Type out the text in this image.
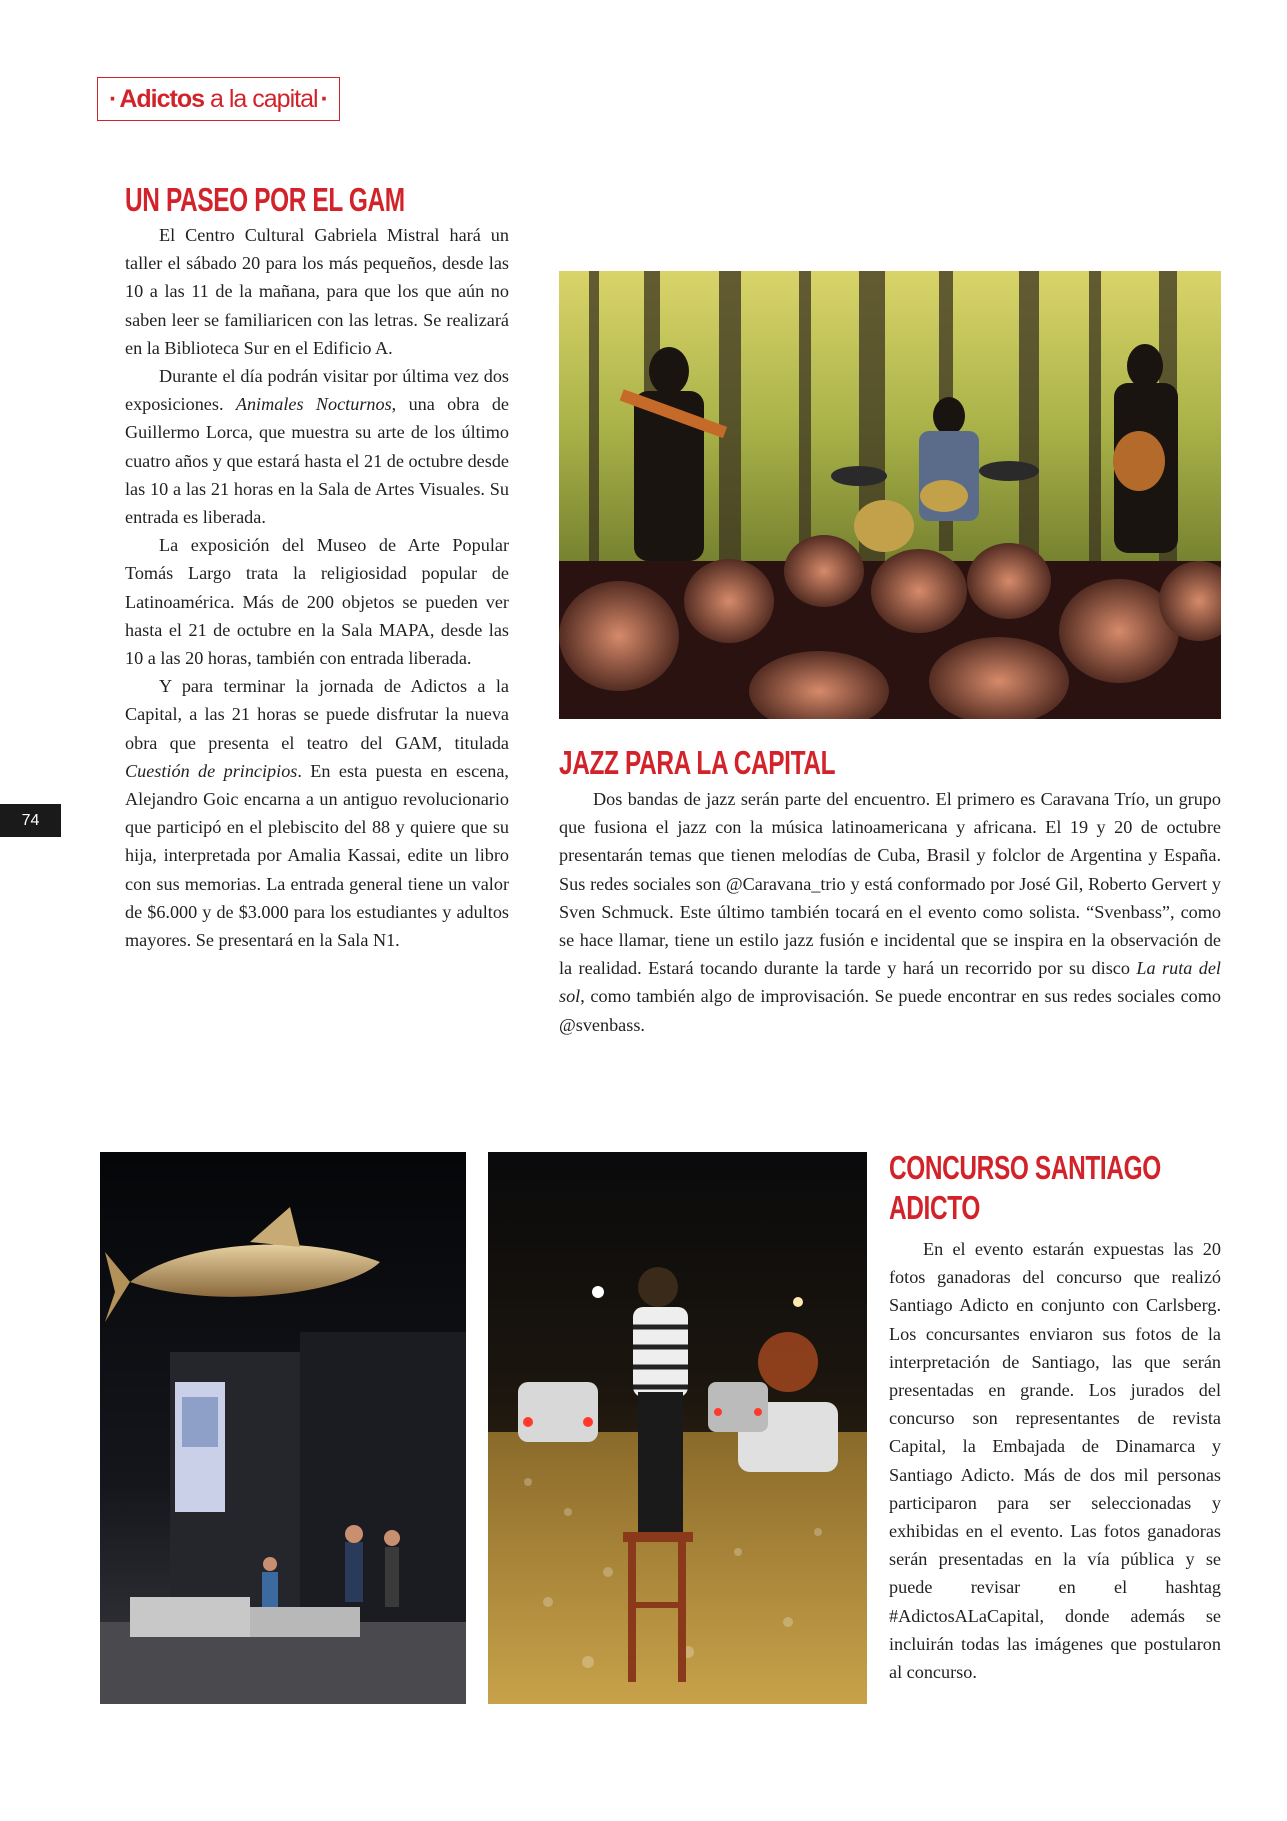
· Adictos a la capital ·
74
UN PASEO POR EL GAM

El Centro Cultural Gabriela Mistral hará un taller el sábado 20 para los más pequeños, desde las 10 a las 11 de la mañana, para que los que aún no saben leer se familiaricen con las letras. Se realizará en la Biblioteca Sur en el Edificio A.

Durante el día podrán visitar por última vez dos exposiciones. Animales Nocturnos, una obra de Guillermo Lorca, que muestra su arte de los último cuatro años y que estará hasta el 21 de octubre desde las 10 a las 21 horas en la Sala de Artes Visuales. Su entrada es liberada.

La exposición del Museo de Arte Popular Tomás Largo trata la religiosidad popular de Latinoamérica. Más de 200 objetos se pueden ver hasta el 21 de octubre en la Sala MAPA, desde las 10 a las 20 horas, también con entrada liberada.

Y para terminar la jornada de Adictos a la Capital, a las 21 horas se puede disfrutar la nueva obra que presenta el teatro del GAM, titulada Cuestión de principios. En esta puesta en escena, Alejandro Goic encarna a un antiguo revolucionario que participó en el plebiscito del 88 y quiere que su hija, interpretada por Amalia Kassai, edite un libro con sus memorias. La entrada general tiene un valor de $6.000 y de $3.000 para los estudiantes y adultos mayores. Se presentará en la Sala N1.

JAZZ PARA LA CAPITAL

Dos bandas de jazz serán parte del encuentro. El primero es Caravana Trío, un grupo que fusiona el jazz con la música latinoamericana y africana. El 19 y 20 de octubre presentarán temas que tienen melodías de Cuba, Brasil y folclor de Argentina y España. Sus redes sociales son @Caravana_trio y está conformado por José Gil, Roberto Gervert y Sven Schmuck. Este último también tocará en el evento como solista. “Svenbass”, como se hace llamar, tiene un estilo jazz fusión e incidental que se inspira en la observación de la realidad. Estará tocando durante la tarde y hará un recorrido por su disco La ruta del sol, como también algo de improvisación. Se puede encontrar en sus redes sociales como @svenbass.

CONCURSO SANTIAGO
ADICTO

En el evento estarán expuestas las 20 fotos ganadoras del concurso que realizó Santiago Adicto en conjunto con Carlsberg. Los concursantes enviaron sus fotos de la interpretación de Santiago, las que serán presentadas en grande. Los jurados del concurso son representantes de revista Capital, la Embajada de Dinamarca y Santiago Adicto. Más de dos mil personas participaron para ser seleccionadas y exhibidas en el evento. Las fotos ganadoras serán presentadas en la vía pública y se puede revisar en el hashtag #AdictosALaCapital, donde además se incluirán todas las imágenes que postularon al concurso.
